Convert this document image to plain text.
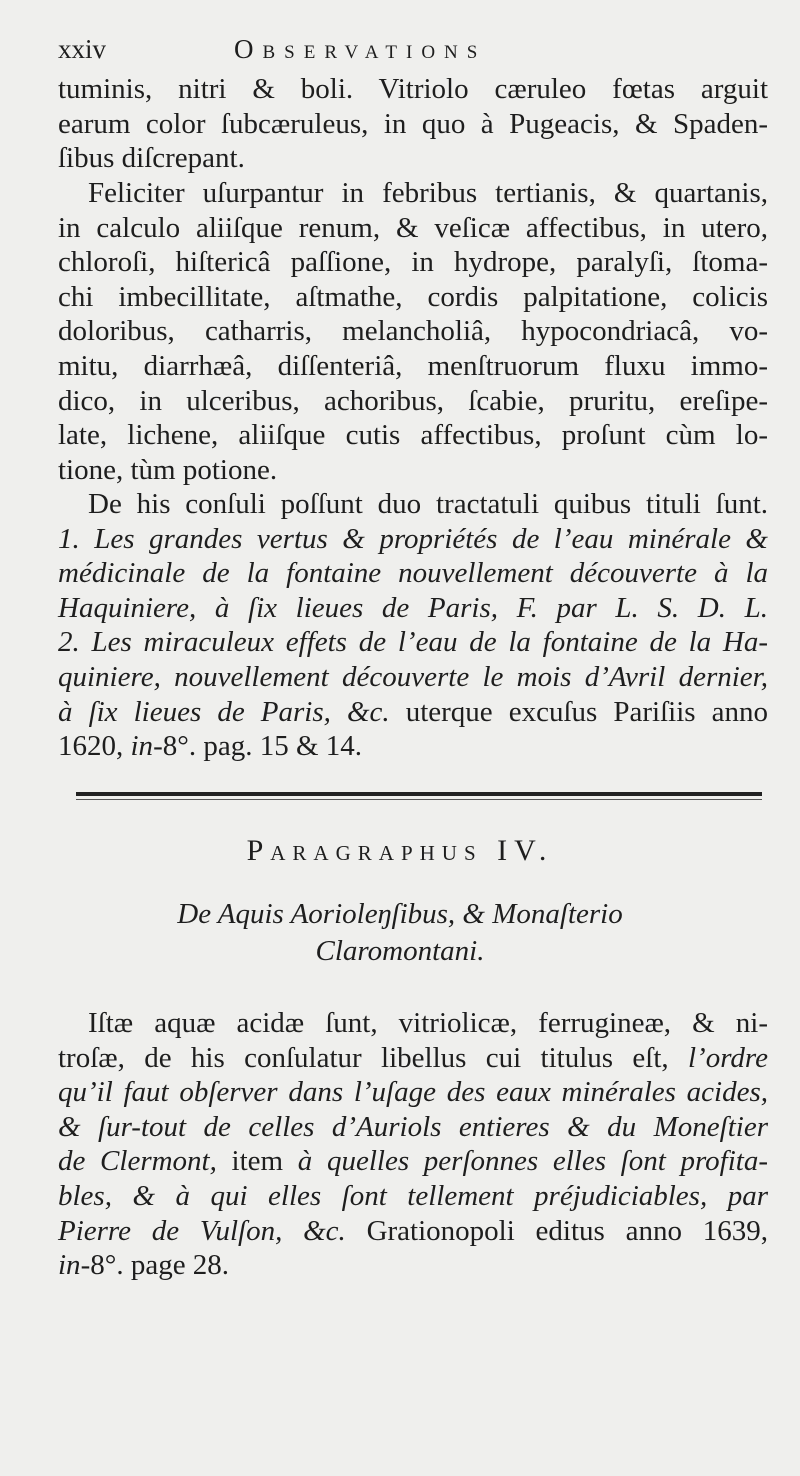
xxiv	Observations
tuminis, nitri & boli. Vitriolo cæruleo fœtas arguit
earum color ſubcæruleus, in quo à Pugeacis, & Spaden-
ſibus diſcrepant.
Feliciter uſurpantur in febribus tertianis, & quartanis,
in calculo aliiſque renum, & veſicæ affectibus, in utero,
chloroſi, hiſtericâ paſſione, in hydrope, paralyſi, ſtoma-
chi imbecillitate, aſtmathe, cordis palpitatione, colicis
doloribus, catharris, melancholiâ, hypocondriacâ, vo-
mitu, diarrhæâ, diſſenteriâ, menſtruorum fluxu immo-
dico, in ulceribus, achoribus, ſcabie, pruritu, ereſipe-
late, lichene, aliiſque cutis affectibus, proſunt cùm lo-
tione, tùm potione.
De his conſuli poſſunt duo tractatuli quibus tituli ſunt.
1. Les grandes vertus & propriétés de l’eau minérale &
médicinale de la fontaine nouvellement découverte à la
Haquiniere, à ſix lieues de Paris, F. par L. S. D. L.
2. Les miraculeux effets de l’eau de la fontaine de la Ha-
quiniere, nouvellement découverte le mois d’Avril dernier,
à ſix lieues de Paris, &c. uterque excuſus Pariſiis anno
1620, in-8°. pag. 15 & 14.
Paragraphus IV.
De Aquis Aorioleŋſibus, & Monaſterio
Claromontani.
Iſtæ aquæ acidæ ſunt, vitriolicæ, ferrugineæ, & ni-
troſæ, de his conſulatur libellus cui titulus eſt, l’ordre
qu’il faut obſerver dans l’uſage des eaux minérales acides,
& ſur-tout de celles d’Auriols entieres & du Moneſtier
de Clermont, item à quelles perſonnes elles ſont profita-
bles, & à qui elles ſont tellement préjudiciables, par
Pierre de Vulſon, &c. Grationopoli editus anno 1639,
in-8°. page 28.
